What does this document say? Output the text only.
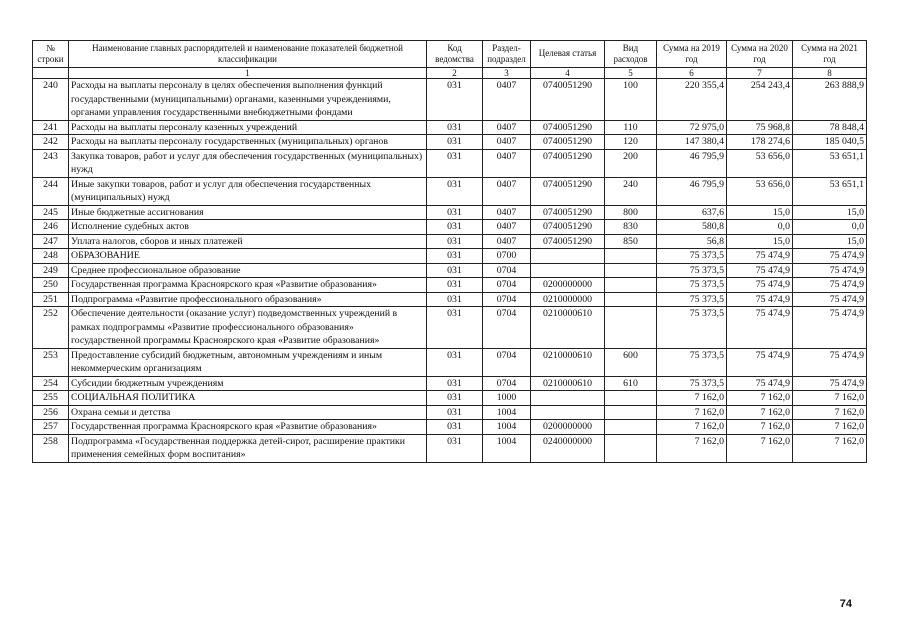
№ строки	Наименование главных распорядителей и наименование показателей бюджетной классификации	Код ведомства	Раздел-подраздел	Целевая статья	Вид расходов	Сумма на 2019 год	Сумма на 2020 год	Сумма на 2021 год
	1	2	3	4	5	6	7	8
240	Расходы на выплаты персоналу в целях обеспечения выполнения функций государственными (муниципальными) органами, казенными учреждениями, органами управления государственными внебюджетными фондами	031	0407	0740051290	100	220 355,4	254 243,4	263 888,9
241	Расходы на выплаты персоналу казенных учреждений	031	0407	0740051290	110	72 975,0	75 968,8	78 848,4
242	Расходы на выплаты персоналу государственных (муниципальных) органов	031	0407	0740051290	120	147 380,4	178 274,6	185 040,5
243	Закупка товаров, работ и услуг для обеспечения государственных (муниципальных) нужд	031	0407	0740051290	200	46 795,9	53 656,0	53 651,1
244	Иные закупки товаров, работ и услуг для обеспечения государственных (муниципальных) нужд	031	0407	0740051290	240	46 795,9	53 656,0	53 651,1
245	Иные бюджетные ассигнования	031	0407	0740051290	800	637,6	15,0	15,0
246	Исполнение судебных актов	031	0407	0740051290	830	580,8	0,0	0,0
247	Уплата налогов, сборов и иных платежей	031	0407	0740051290	850	56,8	15,0	15,0
248	ОБРАЗОВАНИЕ	031	0700			75 373,5	75 474,9	75 474,9
249	Среднее профессиональное образование	031	0704			75 373,5	75 474,9	75 474,9
250	Государственная программа Красноярского края «Развитие образования»	031	0704	0200000000		75 373,5	75 474,9	75 474,9
251	Подпрограмма «Развитие профессионального образования»	031	0704	0210000000		75 373,5	75 474,9	75 474,9
252	Обеспечение деятельности (оказание услуг) подведомственных учреждений в рамках подпрограммы «Развитие профессионального образования» государственной программы Красноярского края «Развитие образования»	031	0704	0210000610		75 373,5	75 474,9	75 474,9
253	Предоставление субсидий бюджетным, автономным учреждениям и иным некоммерческим организациям	031	0704	0210000610	600	75 373,5	75 474,9	75 474,9
254	Субсидии бюджетным учреждениям	031	0704	0210000610	610	75 373,5	75 474,9	75 474,9
255	СОЦИАЛЬНАЯ ПОЛИТИКА	031	1000			7 162,0	7 162,0	7 162,0
256	Охрана семьи и детства	031	1004			7 162,0	7 162,0	7 162,0
257	Государственная программа Красноярского края «Развитие образования»	031	1004	0200000000		7 162,0	7 162,0	7 162,0
258	Подпрограмма «Государственная поддержка детей-сирот, расширение практики применения семейных форм воспитания»	031	1004	0240000000		7 162,0	7 162,0	7 162,0
74
